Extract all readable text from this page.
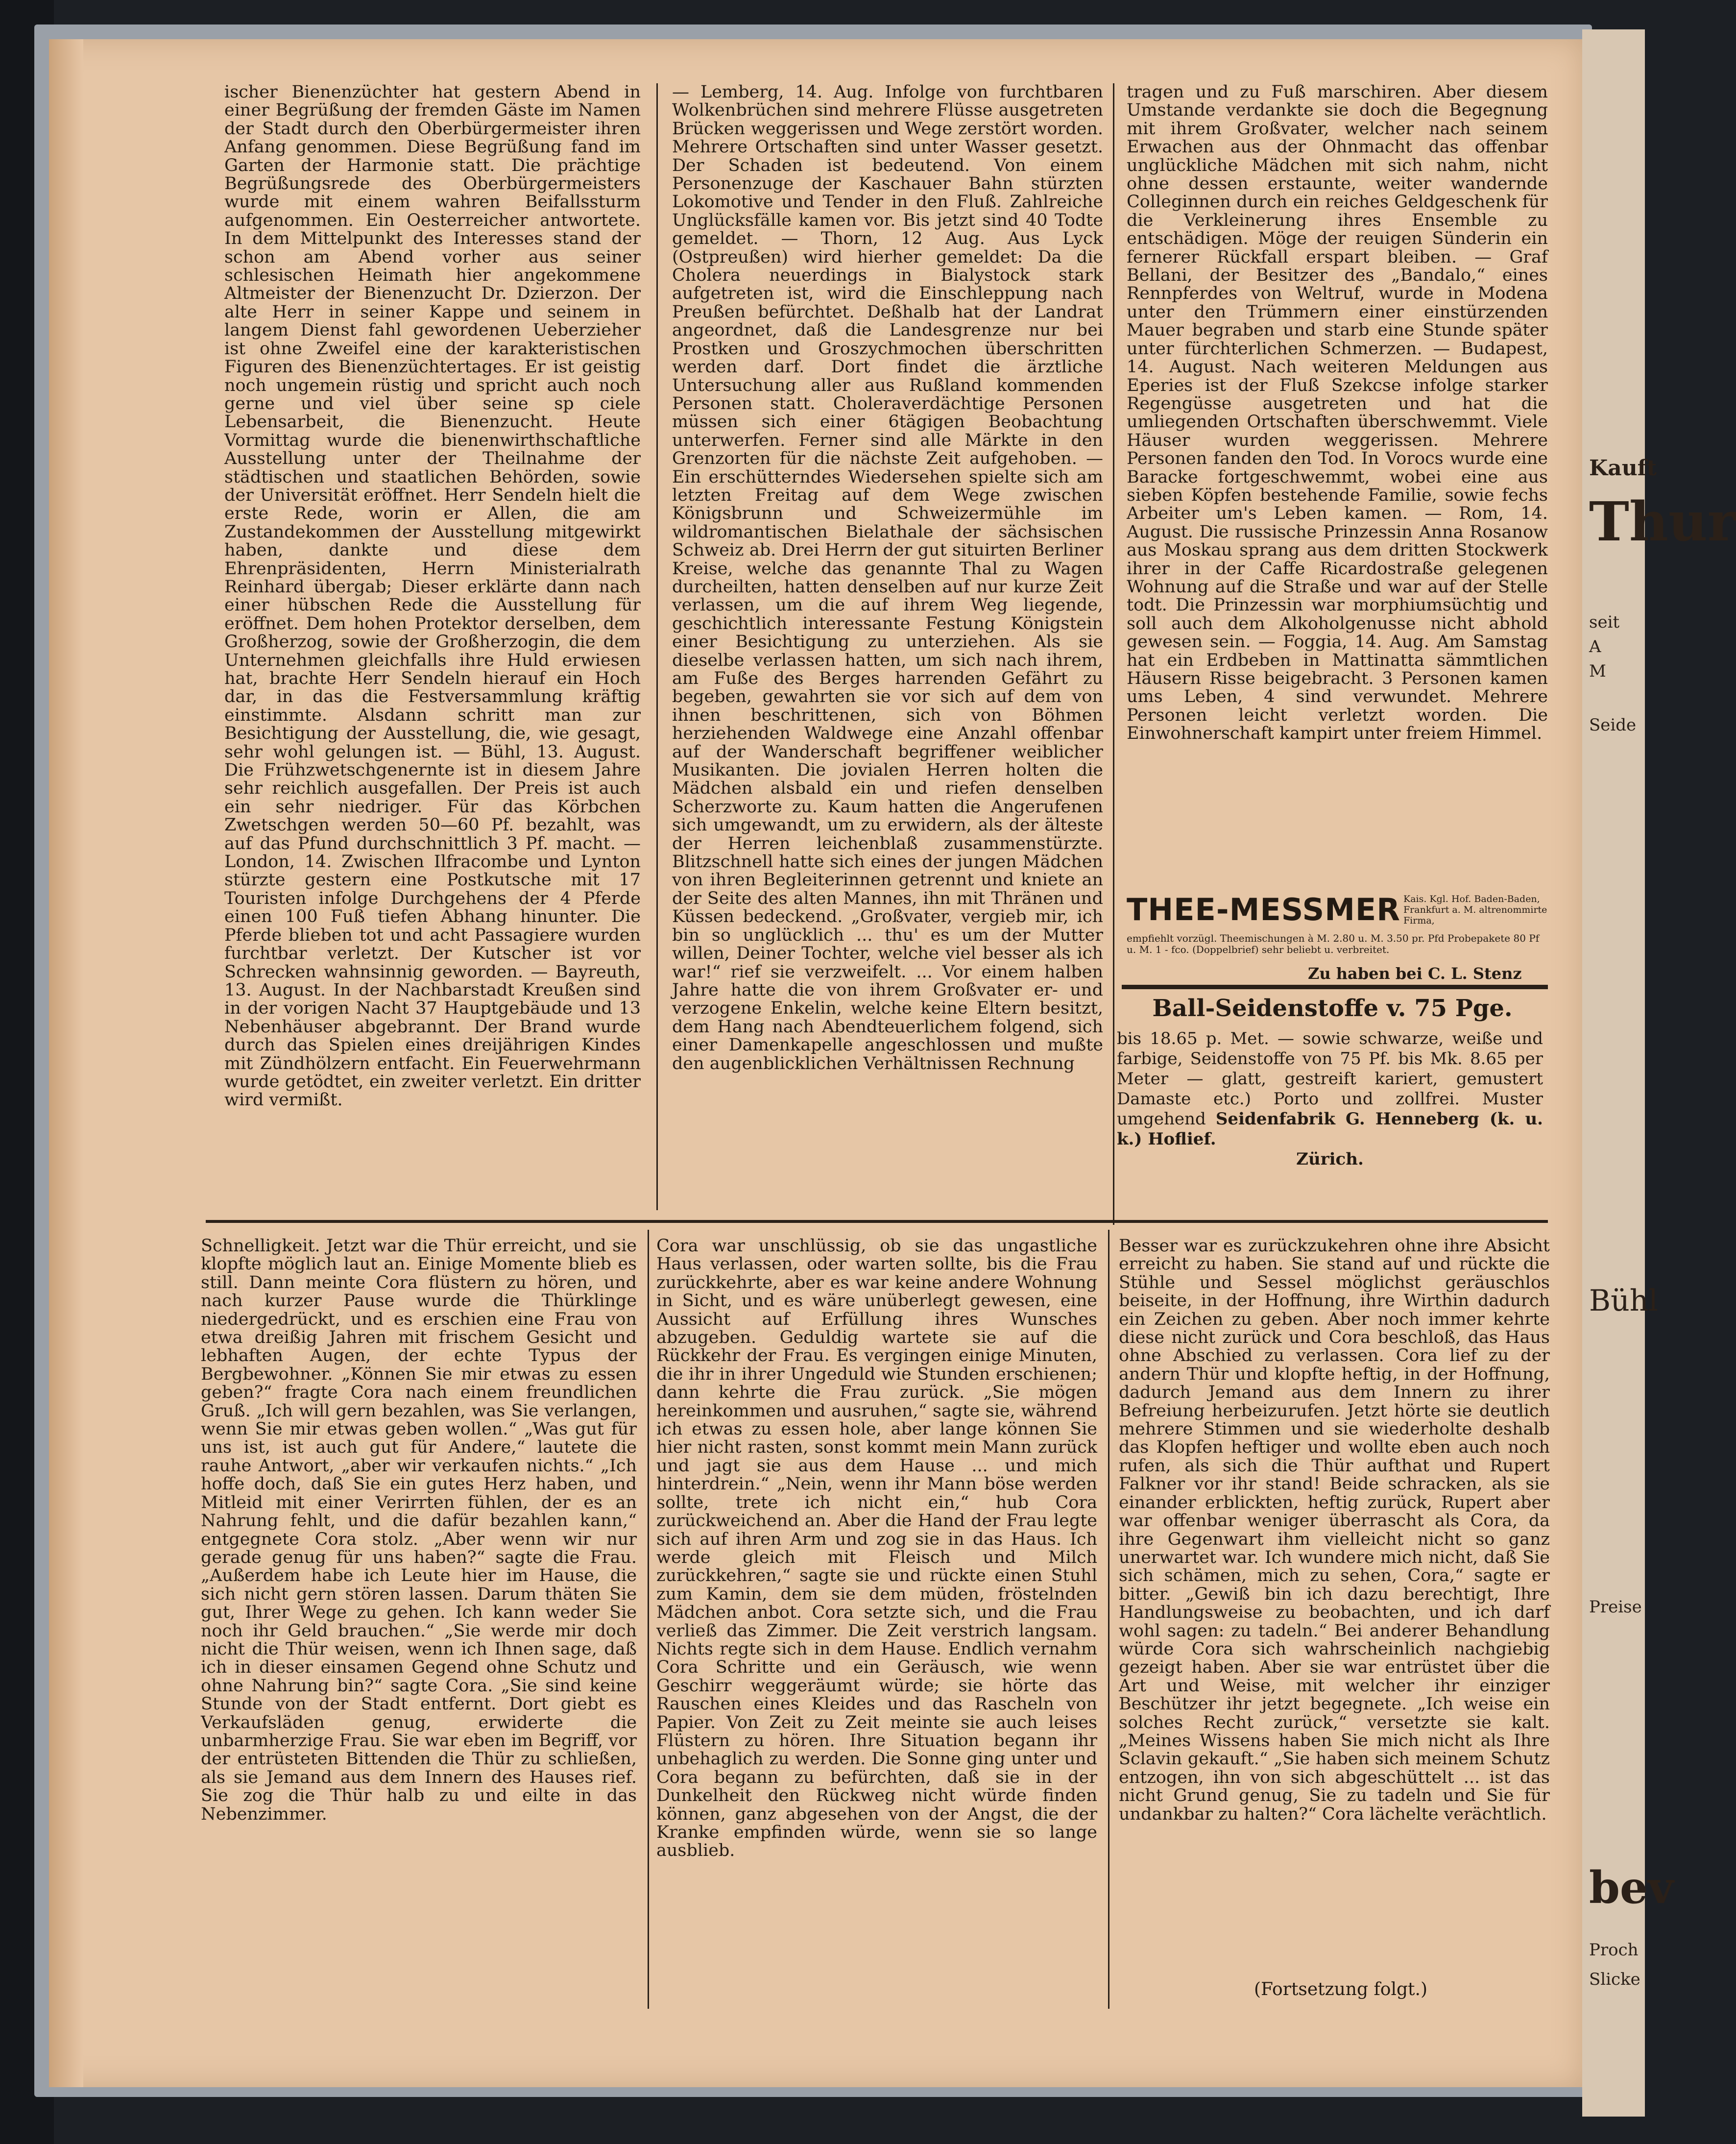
ischer Bienenzüchter hat gestern Abend in einer Begrüßung der fremden Gäste im Namen der Stadt durch den Oberbürgermeister ihren Anfang genommen. Diese Begrüßung fand im Garten der Harmonie statt. Die prächtige Begrüßungsrede des Oberbürgermeisters wurde mit einem wahren Beifallssturm aufgenommen. Ein Oesterreicher antwortete. In dem Mittelpunkt des Interesses stand der schon am Abend vorher aus seiner schlesischen Heimath hier angekommene Altmeister der Bienenzucht Dr. Dzierzon. Der alte Herr in seiner Kappe und seinem in langem Dienst fahl gewordenen Ueberzieher ist ohne Zweifel eine der karakteristischen Figuren des Bienenzüchtertages. Er ist geistig noch ungemein rüstig und spricht auch noch gerne und viel über seine sp ciele Lebensarbeit, die Bienenzucht. Heute Vormittag wurde die bienenwirthschaftliche Ausstellung unter der Theilnahme der städtischen und staatlichen Behörden, sowie der Universität eröffnet. Herr Sendeln hielt die erste Rede, worin er Allen, die am Zustandekommen der Ausstellung mitgewirkt haben, dankte und diese dem Ehrenpräsidenten, Herrn Ministerialrath Reinhard übergab; Dieser erklärte dann nach einer hübschen Rede die Ausstellung für eröffnet. Dem hohen Protektor derselben, dem Großherzog, sowie der Großherzogin, die dem Unternehmen gleichfalls ihre Huld erwiesen hat, brachte Herr Sendeln hierauf ein Hoch dar, in das die Festversammlung kräftig einstimmte. Alsdann schritt man zur Besichtigung der Ausstellung, die, wie gesagt, sehr wohl gelungen ist. — Bühl, 13. August. Die Frühzwetschgenernte ist in diesem Jahre sehr reichlich ausgefallen. Der Preis ist auch ein sehr niedriger. Für das Körbchen Zwetschgen werden 50—60 Pf. bezahlt, was auf das Pfund durchschnittlich 3 Pf. macht. — London, 14. Zwischen Ilfracombe und Lynton stürzte gestern eine Postkutsche mit 17 Touristen infolge Durchgehens der 4 Pferde einen 100 Fuß tiefen Abhang hinunter. Die Pferde blieben tot und acht Passagiere wurden furchtbar verletzt. Der Kutscher ist vor Schrecken wahnsinnig geworden. — Bayreuth, 13. August. In der Nachbarstadt Kreußen sind in der vorigen Nacht 37 Hauptgebäude und 13 Nebenhäuser abgebrannt. Der Brand wurde durch das Spielen eines dreijährigen Kindes mit Zündhölzern entfacht. Ein Feuerwehrmann wurde getödtet, ein zweiter verletzt. Ein dritter wird vermißt.

— Lemberg, 14. Aug. Infolge von furchtbaren Wolkenbrüchen sind mehrere Flüsse ausgetreten Brücken weggerissen und Wege zerstört worden. Mehrere Ortschaften sind unter Wasser gesetzt. Der Schaden ist bedeutend. Von einem Personenzuge der Kaschauer Bahn stürzten Lokomotive und Tender in den Fluß. Zahlreiche Unglücksfälle kamen vor. Bis jetzt sind 40 Todte gemeldet. — Thorn, 12 Aug. Aus Lyck (Ostpreußen) wird hierher gemeldet: Da die Cholera neuerdings in Bialystock stark aufgetreten ist, wird die Einschleppung nach Preußen befürchtet. Deßhalb hat der Landrat angeordnet, daß die Landesgrenze nur bei Prostken und Groszychmochen überschritten werden darf. Dort findet die ärztliche Untersuchung aller aus Rußland kommenden Personen statt. Choleraverdächtige Personen müssen sich einer 6tägigen Beobachtung unterwerfen. Ferner sind alle Märkte in den Grenzorten für die nächste Zeit aufgehoben. — Ein erschütterndes Wiedersehen spielte sich am letzten Freitag auf dem Wege zwischen Königsbrunn und Schweizermühle im wildromantischen Bielathale der sächsischen Schweiz ab. Drei Herrn der gut situirten Berliner Kreise, welche das genannte Thal zu Wagen durcheilten, hatten denselben auf nur kurze Zeit verlassen, um die auf ihrem Weg liegende, geschichtlich interessante Festung Königstein einer Besichtigung zu unterziehen. Als sie dieselbe verlassen hatten, um sich nach ihrem, am Fuße des Berges harrenden Gefährt zu begeben, gewahrten sie vor sich auf dem von ihnen beschrittenen, sich von Böhmen herziehenden Waldwege eine Anzahl offenbar auf der Wanderschaft begriffener weiblicher Musikanten. Die jovialen Herren holten die Mädchen alsbald ein und riefen denselben Scherzworte zu. Kaum hatten die Angerufenen sich umgewandt, um zu erwidern, als der älteste der Herren leichenblaß zusammenstürzte. Blitzschnell hatte sich eines der jungen Mädchen von ihren Begleiterinnen getrennt und kniete an der Seite des alten Mannes, ihn mit Thränen und Küssen bedeckend. „Großvater, vergieb mir, ich bin so unglücklich ... thu' es um der Mutter willen, Deiner Tochter, welche viel besser als ich war!“ rief sie verzweifelt. ... Vor einem halben Jahre hatte die von ihrem Großvater er- und verzogene Enkelin, welche keine Eltern besitzt, dem Hang nach Abendteuerlichem folgend, sich einer Damenkapelle angeschlossen und mußte den augenblicklichen Verhältnissen Rechnung

tragen und zu Fuß marschiren. Aber diesem Umstande verdankte sie doch die Begegnung mit ihrem Großvater, welcher nach seinem Erwachen aus der Ohnmacht das offenbar unglückliche Mädchen mit sich nahm, nicht ohne dessen erstaunte, weiter wandernde Colleginnen durch ein reiches Geldgeschenk für die Verkleinerung ihres Ensemble zu entschädigen. Möge der reuigen Sünderin ein fernerer Rückfall erspart bleiben. — Graf Bellani, der Besitzer des „Bandalo,“ eines Rennpferdes von Weltruf, wurde in Modena unter den Trümmern einer einstürzenden Mauer begraben und starb eine Stunde später unter fürchterlichen Schmerzen. — Budapest, 14. August. Nach weiteren Meldungen aus Eperies ist der Fluß Szekcse infolge starker Regengüsse ausgetreten und hat die umliegenden Ortschaften überschwemmt. Viele Häuser wurden weggerissen. Mehrere Personen fanden den Tod. In Vorocs wurde eine Baracke fortgeschwemmt, wobei eine aus sieben Köpfen bestehende Familie, sowie fechs Arbeiter um's Leben kamen. — Rom, 14. August. Die russische Prinzessin Anna Rosanow aus Moskau sprang aus dem dritten Stockwerk ihrer in der Caffe Ricardostraße gelegenen Wohnung auf die Straße und war auf der Stelle todt. Die Prinzessin war morphiumsüchtig und soll auch dem Alkoholgenusse nicht abhold gewesen sein. — Foggia, 14. Aug. Am Samstag hat ein Erdbeben in Mattinatta sämmtlichen Häusern Risse beigebracht. 3 Personen kamen ums Leben, 4 sind verwundet. Mehrere Personen leicht verletzt worden. Die Einwohnerschaft kampirt unter freiem Himmel.

THEE-MESSMER Kais. Kgl. Hof. Baden-Baden, Frankfurt a. M. altrenommirte Firma,
empfiehlt vorzügl. Theemischungen à M. 2.80 u. M. 3.50 pr. Pfd Probepakete 80 Pf u. M. 1 - fco. (Doppelbrief) sehr beliebt u. verbreitet.
Zu haben bei C. L. Stenz
Ball-Seidenstoffe v. 75 Pge.
bis 18.65 p. Met. — sowie schwarze, weiße und farbige, Seidenstoffe von 75 Pf. bis Mk. 8.65 per Meter — glatt, gestreift kariert, gemustert Damaste etc.) Porto und zollfrei. Muster umgehend Seidenfabrik G. Henneberg (k. u. k.) Hoflief.
Zürich.

Schnelligkeit. Jetzt war die Thür erreicht, und sie klopfte möglich laut an. Einige Momente blieb es still. Dann meinte Cora flüstern zu hören, und nach kurzer Pause wurde die Thürklinge niedergedrückt, und es erschien eine Frau von etwa dreißig Jahren mit frischem Gesicht und lebhaften Augen, der echte Typus der Bergbewohner. „Können Sie mir etwas zu essen geben?“ fragte Cora nach einem freundlichen Gruß. „Ich will gern bezahlen, was Sie verlangen, wenn Sie mir etwas geben wollen.“ „Was gut für uns ist, ist auch gut für Andere,“ lautete die rauhe Antwort, „aber wir verkaufen nichts.“ „Ich hoffe doch, daß Sie ein gutes Herz haben, und Mitleid mit einer Verirrten fühlen, der es an Nahrung fehlt, und die dafür bezahlen kann,“ entgegnete Cora stolz. „Aber wenn wir nur gerade genug für uns haben?“ sagte die Frau. „Außerdem habe ich Leute hier im Hause, die sich nicht gern stören lassen. Darum thäten Sie gut, Ihrer Wege zu gehen. Ich kann weder Sie noch ihr Geld brauchen.“ „Sie werde mir doch nicht die Thür weisen, wenn ich Ihnen sage, daß ich in dieser einsamen Gegend ohne Schutz und ohne Nahrung bin?“ sagte Cora. „Sie sind keine Stunde von der Stadt entfernt. Dort giebt es Verkaufsläden genug, erwiderte die unbarmherzige Frau. Sie war eben im Begriff, vor der entrüsteten Bittenden die Thür zu schließen, als sie Jemand aus dem Innern des Hauses rief. Sie zog die Thür halb zu und eilte in das Nebenzimmer.

Cora war unschlüssig, ob sie das ungastliche Haus verlassen, oder warten sollte, bis die Frau zurückkehrte, aber es war keine andere Wohnung in Sicht, und es wäre unüberlegt gewesen, eine Aussicht auf Erfüllung ihres Wunsches abzugeben. Geduldig wartete sie auf die Rückkehr der Frau. Es vergingen einige Minuten, die ihr in ihrer Ungeduld wie Stunden erschienen; dann kehrte die Frau zurück. „Sie mögen hereinkommen und ausruhen,“ sagte sie, während ich etwas zu essen hole, aber lange können Sie hier nicht rasten, sonst kommt mein Mann zurück und jagt sie aus dem Hause ... und mich hinterdrein.“ „Nein, wenn ihr Mann böse werden sollte, trete ich nicht ein,“ hub Cora zurückweichend an. Aber die Hand der Frau legte sich auf ihren Arm und zog sie in das Haus. Ich werde gleich mit Fleisch und Milch zurückkehren,“ sagte sie und rückte einen Stuhl zum Kamin, dem sie dem müden, fröstelnden Mädchen anbot. Cora setzte sich, und die Frau verließ das Zimmer. Die Zeit verstrich langsam. Nichts regte sich in dem Hause. Endlich vernahm Cora Schritte und ein Geräusch, wie wenn Geschirr weggeräumt würde; sie hörte das Rauschen eines Kleides und das Rascheln von Papier. Von Zeit zu Zeit meinte sie auch leises Flüstern zu hören. Ihre Situation begann ihr unbehaglich zu werden. Die Sonne ging unter und Cora begann zu befürchten, daß sie in der Dunkelheit den Rückweg nicht würde finden können, ganz abgesehen von der Angst, die der Kranke empfinden würde, wenn sie so lange ausblieb.

Besser war es zurückzukehren ohne ihre Absicht erreicht zu haben. Sie stand auf und rückte die Stühle und Sessel möglichst geräuschlos beiseite, in der Hoffnung, ihre Wirthin dadurch ein Zeichen zu geben. Aber noch immer kehrte diese nicht zurück und Cora beschloß, das Haus ohne Abschied zu verlassen. Cora lief zu der andern Thür und klopfte heftig, in der Hoffnung, dadurch Jemand aus dem Innern zu ihrer Befreiung herbeizurufen. Jetzt hörte sie deutlich mehrere Stimmen und sie wiederholte deshalb das Klopfen heftiger und wollte eben auch noch rufen, als sich die Thür aufthat und Rupert Falkner vor ihr stand! Beide schracken, als sie einander erblickten, heftig zurück, Rupert aber war offenbar weniger überrascht als Cora, da ihre Gegenwart ihm vielleicht nicht so ganz unerwartet war. Ich wundere mich nicht, daß Sie sich schämen, mich zu sehen, Cora,“ sagte er bitter. „Gewiß bin ich dazu berechtigt, Ihre Handlungsweise zu beobachten, und ich darf wohl sagen: zu tadeln.“ Bei anderer Behandlung würde Cora sich wahrscheinlich nachgiebig gezeigt haben. Aber sie war entrüstet über die Art und Weise, mit welcher ihr einziger Beschützer ihr jetzt begegnete. „Ich weise ein solches Recht zurück,“ versetzte sie kalt. „Meines Wissens haben Sie mich nicht als Ihre Sclavin gekauft.“ „Sie haben sich meinem Schutz entzogen, ihn von sich abgeschüttelt ... ist das nicht Grund genug, Sie zu tadeln und Sie für undankbar zu halten?“ Cora lächelte verächtlich.

(Fortsetzung folgt.)
Kauft
Thur
seit
A
M
Seide
Bühl
Preise
bev
Proch
Slicke
